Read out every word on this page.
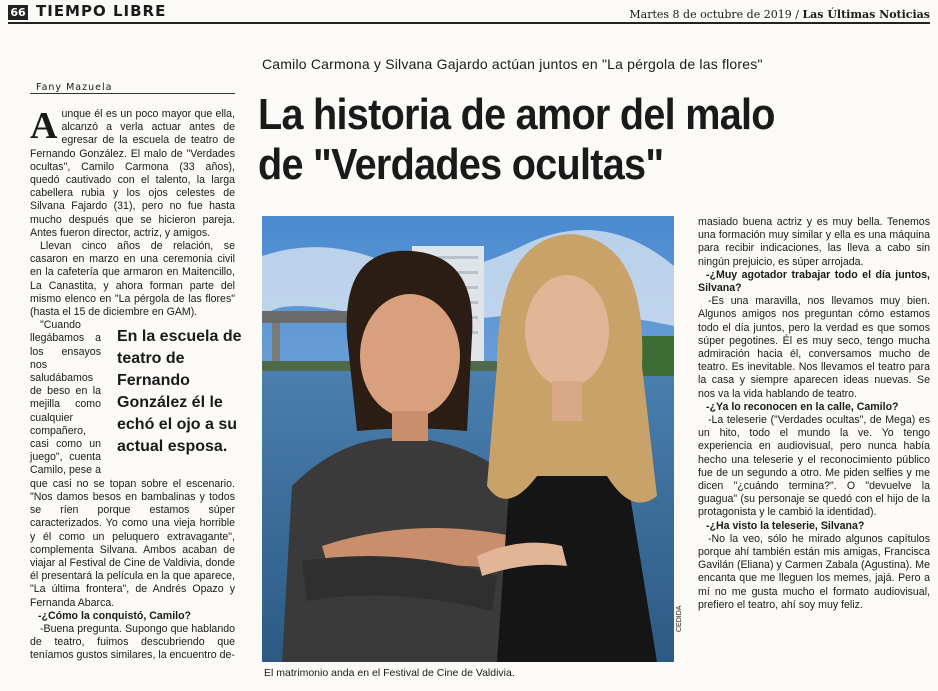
66 TIEMPO LIBRE	Martes 8 de octubre de 2019 / Las Últimas Noticias
Fany Mazuela
Camilo Carmona y Silvana Gajardo actúan juntos en "La pérgola de las flores"
La historia de amor del malo
de "Verdades ocultas"

Aunque él es un poco mayor que ella, alcanzó a verla actuar antes de egresar de la escuela de teatro de Fernando González. El malo de "Verdades ocultas", Camilo Carmona (33 años), quedó cautivado con el talento, la larga cabellera rubia y los ojos celestes de Silvana Fajardo (31), pero no fue hasta mucho después que se hicieron pareja. Antes fueron director, actriz, y amigos.

Llevan cinco años de relación, se casaron en marzo en una ceremonia civil en la cafetería que armaron en Maitencillo, La Canastita, y ahora forman parte del mismo elenco en "La pérgola de las flores" (hasta el 15 de diciembre en GAM).

"Cuando llegábamos a los ensayos nos saludábamos de beso en la mejilla como cualquier compañero, casi como un juego", cuenta Camilo, pese a que casi no se topan sobre el escenario. "Nos damos besos en bambalinas y todos se ríen porque estamos súper caracterizados. Yo como una vieja horrible y él como un peluquero extravagante", complementa Silvana. Ambos acaban de viajar al Festival de Cine de Valdivia, donde él presentará la película en la que aparece, "La última frontera", de Andrés Opazo y Fernanda Abarca.

-¿Cómo la conquistó, Camilo?

-Buena pregunta. Supongo que hablando de teatro, fuimos descubriendo que teníamos gustos similares, la encuentro de-

En la escuela de teatro de Fernando González él le echó el ojo a su actual esposa.
CEDIDA
El matrimonio anda en el Festival de Cine de Valdivia.

masiado buena actriz y es muy bella. Tenemos una formación muy similar y ella es una máquina para recibir indicaciones, las lleva a cabo sin ningún prejuicio, es súper arrojada.

-¿Muy agotador trabajar todo el día juntos, Silvana?

-Es una maravilla, nos llevamos muy bien. Algunos amigos nos preguntan cómo estamos todo el día juntos, pero la verdad es que somos súper pegotines. Él es muy seco, tengo mucha admiración hacia él, conversamos mucho de teatro. Es inevitable. Nos llevamos el teatro para la casa y siempre aparecen ideas nuevas. Se nos va la vida hablando de teatro.

-¿Ya lo reconocen en la calle, Camilo?

-La teleserie ("Verdades ocultas", de Mega) es un hito, todo el mundo la ve. Yo tengo experiencia en audiovisual, pero nunca había hecho una teleserie y el reconocimiento público fue de un segundo a otro. Me piden selfies y me dicen "¿cuándo termina?". O "devuelve la guagua" (su personaje se quedó con el hijo de la protagonista y le cambió la identidad).

-¿Ha visto la teleserie, Silvana?

-No la veo, sólo he mirado algunos capítulos porque ahí también están mis amigas, Francisca Gavilán (Eliana) y Carmen Zabala (Agustina). Me encanta que me lleguen los memes, jajá. Pero a mí no me gusta mucho el formato audiovisual, prefiero el teatro, ahí soy muy feliz.
